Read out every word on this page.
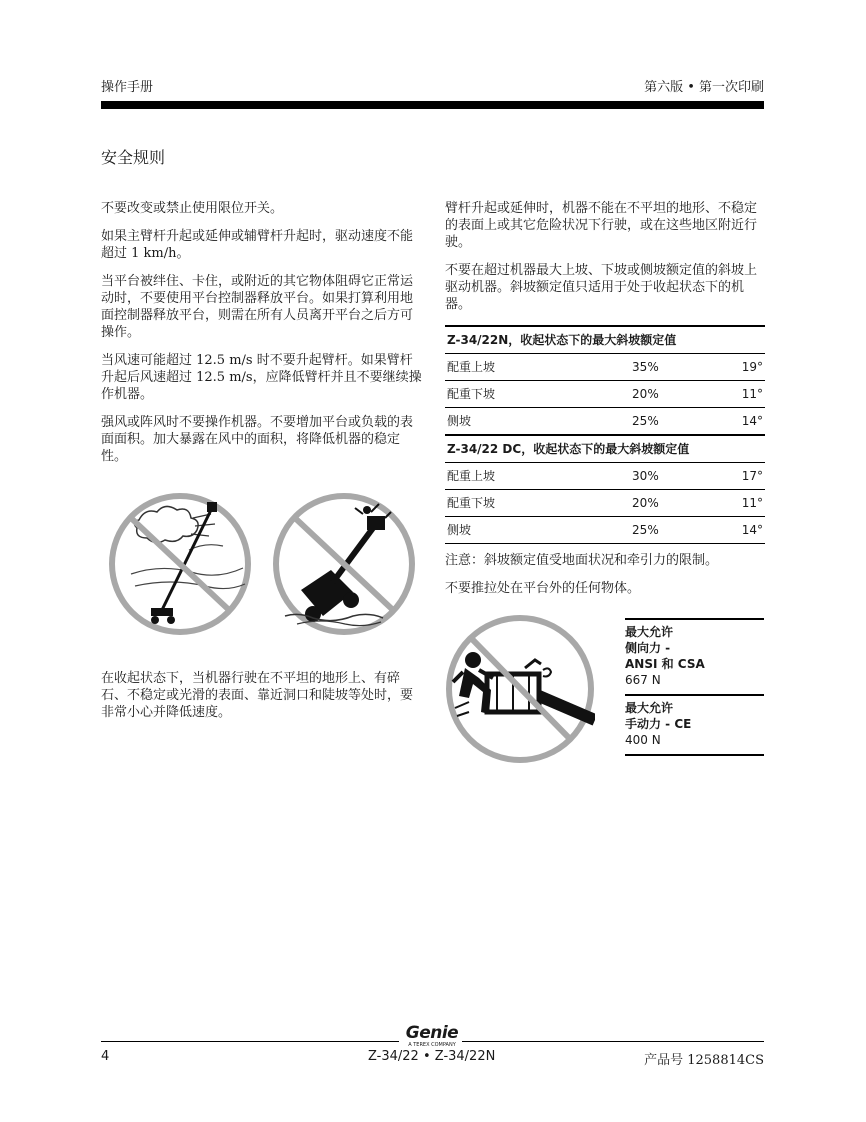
操作手册	第六版 • 第一次印刷
安全规则

不要改变或禁止使用限位开关。

如果主臂杆升起或延伸或辅臂杆升起时，驱动速度不能超过 1 km/h。

当平台被绊住、卡住，或附近的其它物体阻碍它正常运动时，不要使用平台控制器释放平台。如果打算利用地面控制器释放平台，则需在所有人员离开平台之后方可操作。

当风速可能超过 12.5 m/s 时不要升起臂杆。如果臂杆升起后风速超过 12.5 m/s，应降低臂杆并且不要继续操作机器。

强风或阵风时不要操作机器。不要增加平台或负载的表面面积。加大暴露在风中的面积，将降低机器的稳定性。

在收起状态下，当机器行驶在不平坦的地形上、有碎石、不稳定或光滑的表面、靠近洞口和陡坡等处时，要非常小心并降低速度。

臂杆升起或延伸时，机器不能在不平坦的地形、不稳定的表面上或其它危险状况下行驶，或在这些地区附近行驶。

不要在超过机器最大上坡、下坡或侧坡额定值的斜坡上驱动机器。斜坡额定值只适用于处于收起状态下的机器。

Z-34/22N，收起状态下的最大斜坡额定值		
配重上坡	35%	19°
配重下坡	20%	11°
侧坡	25%	14°
Z-34/22 DC，收起状态下的最大斜坡额定值		
配重上坡	30%	17°
配重下坡	20%	11°
侧坡	25%	14°

注意：斜坡额定值受地面状况和牵引力的限制。

不要推拉处在平台外的任何物体。

最大允许
侧向力 -
ANSI 和 CSA
667 N
最大允许
手动力 - CE
400 N
Genie
A TEREX COMPANY
4	Z-34/22 • Z-34/22N	产品号 1258814CS
